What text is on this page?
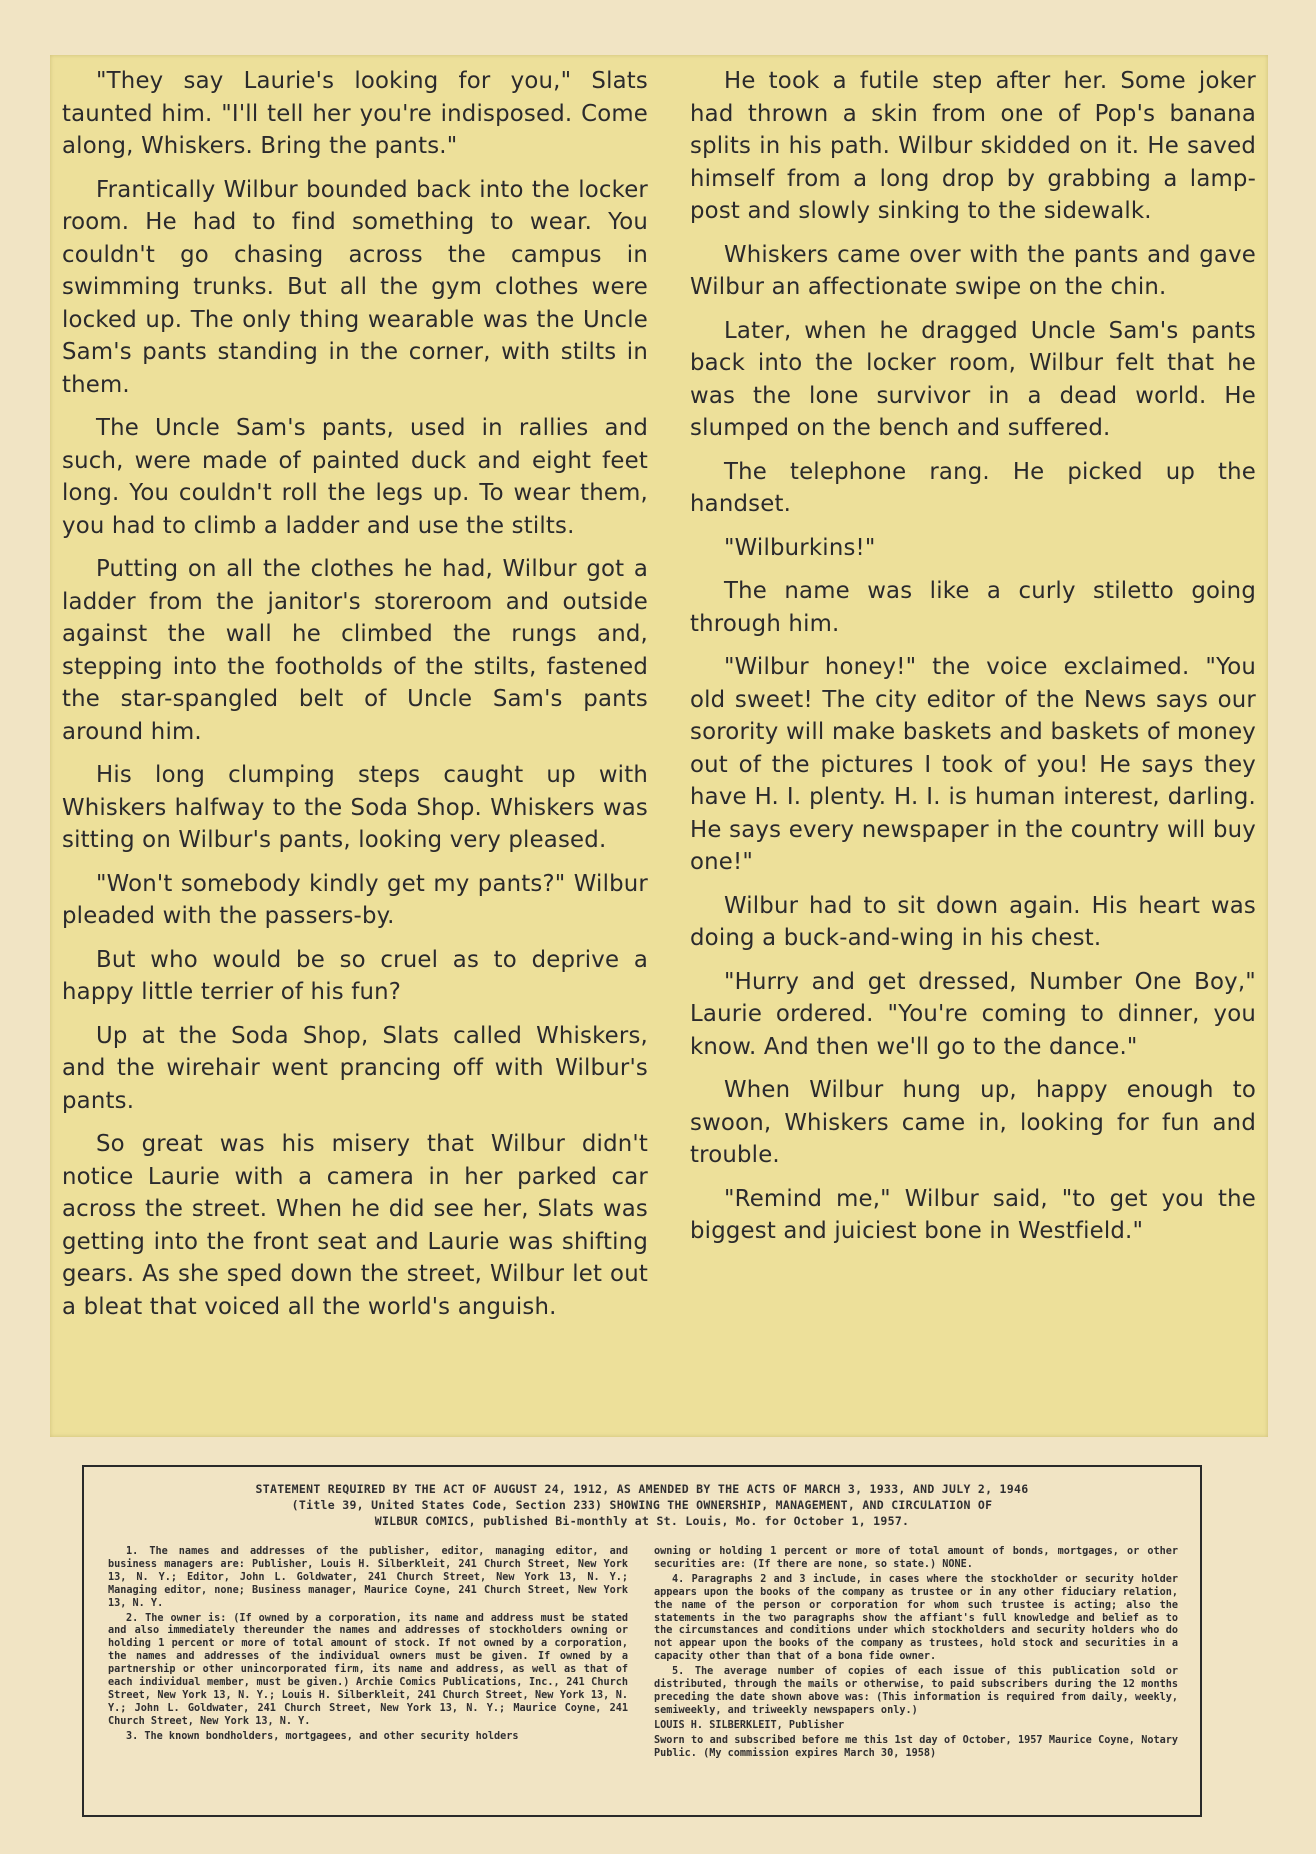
"They say Laurie's looking for you," Slats taunted him. "I'll tell her you're indisposed. Come along, Whiskers. Bring the pants."

Frantically Wilbur bounded back into the locker room. He had to find something to wear. You couldn't go chasing across the campus in swimming trunks. But all the gym clothes were locked up. The only thing wearable was the Uncle Sam's pants standing in the corner, with stilts in them.

The Uncle Sam's pants, used in rallies and such, were made of painted duck and eight feet long. You couldn't roll the legs up. To wear them, you had to climb a ladder and use the stilts.

Putting on all the clothes he had, Wilbur got a ladder from the janitor's storeroom and outside against the wall he climbed the rungs and, stepping into the footholds of the stilts, fastened the star-spangled belt of Uncle Sam's pants around him.

His long clumping steps caught up with Whiskers halfway to the Soda Shop. Whiskers was sitting on Wilbur's pants, looking very pleased.

"Won't somebody kindly get my pants?" Wilbur pleaded with the passers-by.

But who would be so cruel as to deprive a happy little terrier of his fun?

Up at the Soda Shop, Slats called Whiskers, and the wirehair went prancing off with Wilbur's pants.

So great was his misery that Wilbur didn't notice Laurie with a camera in her parked car across the street. When he did see her, Slats was getting into the front seat and Laurie was shifting gears. As she sped down the street, Wilbur let out a bleat that voiced all the world's anguish.

He took a futile step after her. Some joker had thrown a skin from one of Pop's banana splits in his path. Wilbur skidded on it. He saved himself from a long drop by grabbing a lamp-post and slowly sinking to the sidewalk.

Whiskers came over with the pants and gave Wilbur an affectionate swipe on the chin.

Later, when he dragged Uncle Sam's pants back into the locker room, Wilbur felt that he was the lone survivor in a dead world. He slumped on the bench and suffered.

The telephone rang. He picked up the handset.

"Wilburkins!"

The name was like a curly stiletto going through him.

"Wilbur honey!" the voice exclaimed. "You old sweet! The city editor of the News says our sorority will make baskets and baskets of money out of the pictures I took of you! He says they have H. I. plenty. H. I. is human interest, darling. He says every newspaper in the country will buy one!"

Wilbur had to sit down again. His heart was doing a buck-and-wing in his chest.

"Hurry and get dressed, Number One Boy," Laurie ordered. "You're coming to dinner, you know. And then we'll go to the dance."

When Wilbur hung up, happy enough to swoon, Whiskers came in, looking for fun and trouble.

"Remind me," Wilbur said, "to get you the biggest and juiciest bone in Westfield."

STATEMENT REQUIRED BY THE ACT OF AUGUST 24, 1912, AS AMENDED BY THE ACTS OF MARCH 3, 1933, AND JULY 2, 1946
(Title 39, United States Code, Section 233) SHOWING THE OWNERSHIP, MANAGEMENT, AND CIRCULATION OF
WILBUR COMICS, published Bi-monthly at St. Louis, Mo. for October 1, 1957.

1. The names and addresses of the publisher, editor, managing editor, and business managers are: Publisher, Louis H. Silberkleit, 241 Church Street, New York 13, N. Y.; Editor, John L. Goldwater, 241 Church Street, New York 13, N. Y.; Managing editor, none; Business manager, Maurice Coyne, 241 Church Street, New York 13, N. Y.

2. The owner is: (If owned by a corporation, its name and address must be stated and also immediately thereunder the names and addresses of stockholders owning or holding 1 percent or more of total amount of stock. If not owned by a corporation, the names and addresses of the individual owners must be given. If owned by a partnership or other unincorporated firm, its name and address, as well as that of each individual member, must be given.) Archie Comics Publications, Inc., 241 Church Street, New York 13, N. Y.; Louis H. Silberkleit, 241 Church Street, New York 13, N. Y.; John L. Goldwater, 241 Church Street, New York 13, N. Y.; Maurice Coyne, 241 Church Street, New York 13, N. Y.

3. The known bondholders, mortgagees, and other security holders

owning or holding 1 percent or more of total amount of bonds, mortgages, or other securities are: (If there are none, so state.) NONE.

4. Paragraphs 2 and 3 include, in cases where the stockholder or security holder appears upon the books of the company as trustee or in any other fiduciary relation, the name of the person or corporation for whom such trustee is acting; also the statements in the two paragraphs show the affiant's full knowledge and belief as to the circumstances and conditions under which stockholders and security holders who do not appear upon the books of the company as trustees, hold stock and securities in a capacity other than that of a bona fide owner.

5. The average number of copies of each issue of this publication sold or distributed, through the mails or otherwise, to paid subscribers during the 12 months preceding the date shown above was: (This information is required from daily, weekly, semiweekly, and triweekly newspapers only.)

LOUIS H. SILBERKLEIT, Publisher

Sworn to and subscribed before me this 1st day of October, 1957 Maurice Coyne, Notary Public. (My commission expires March 30, 1958)
